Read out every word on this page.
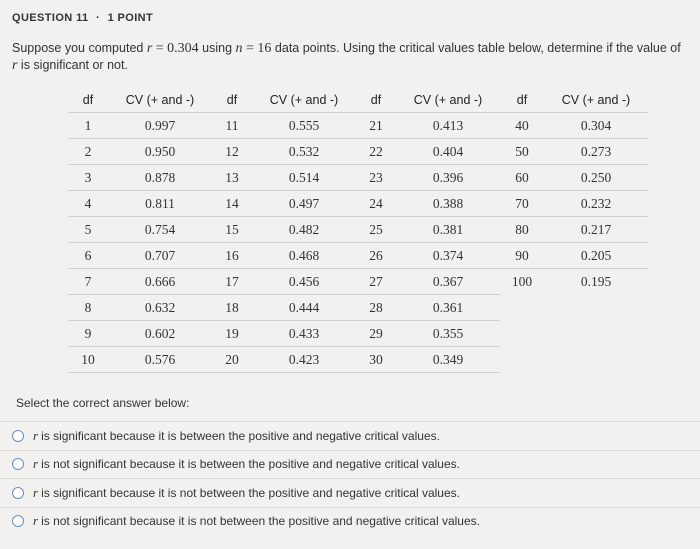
QUESTION 11 · 1 POINT
Suppose you computed r = 0.304 using n = 16 data points. Using the critical values table below, determine if the value of
r is significant or not.
df	CV (+ and -)	df	CV (+ and -)	df	CV (+ and -)	df	CV (+ and -)
1	0.997	11	0.555	21	0.413	40	0.304
2	0.950	12	0.532	22	0.404	50	0.273
3	0.878	13	0.514	23	0.396	60	0.250
4	0.811	14	0.497	24	0.388	70	0.232
5	0.754	15	0.482	25	0.381	80	0.217
6	0.707	16	0.468	26	0.374	90	0.205
7	0.666	17	0.456	27	0.367	100	0.195
8	0.632	18	0.444	28	0.361		
9	0.602	19	0.433	29	0.355		
10	0.576	20	0.423	30	0.349		
Select the correct answer below:
r is significant because it is between the positive and negative critical values.
r is not significant because it is between the positive and negative critical values.
r is significant because it is not between the positive and negative critical values.
r is not significant because it is not between the positive and negative critical values.
